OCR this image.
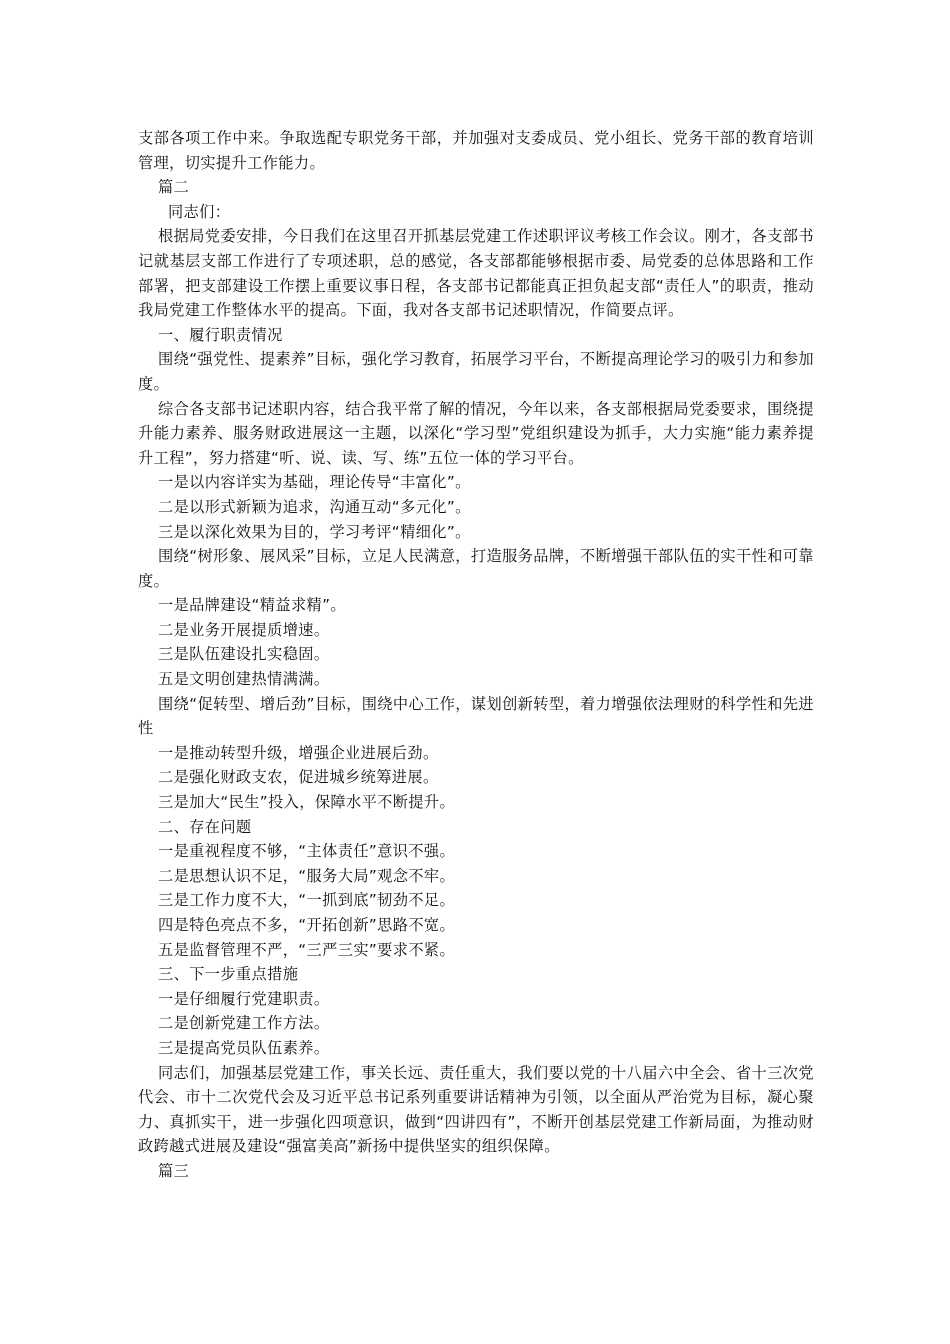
支部各项工作中来。争取选配专职党务干部，并加强对支委成员、党小组长、党务干部的教育培训管理，切实提升工作能力。

篇二

同志们：

根据局党委安排，今日我们在这里召开抓基层党建工作述职评议考核工作会议。刚才，各支部书记就基层支部工作进行了专项述职，总的感觉，各支部都能够根据市委、局党委的总体思路和工作部署，把支部建设工作摆上重要议事日程，各支部书记都能真正担负起支部“责任人”的职责，推动我局党建工作整体水平的提高。下面，我对各支部书记述职情况，作简要点评。

一、履行职责情况

围绕“强党性、提素养”目标，强化学习教育，拓展学习平台，不断提高理论学习的吸引力和参加度。

综合各支部书记述职内容，结合我平常了解的情况，今年以来，各支部根据局党委要求，围绕提升能力素养、服务财政进展这一主题，以深化“学习型”党组织建设为抓手，大力实施“能力素养提升工程”，努力搭建“听、说、读、写、练”五位一体的学习平台。

一是以内容详实为基础，理论传导“丰富化”。

二是以形式新颖为追求，沟通互动“多元化”。

三是以深化效果为目的，学习考评“精细化”。

围绕“树形象、展风采”目标，立足人民满意，打造服务品牌，不断增强干部队伍的实干性和可靠度。

一是品牌建设“精益求精”。

二是业务开展提质增速。

三是队伍建设扎实稳固。

五是文明创建热情满满。

围绕“促转型、增后劲”目标，围绕中心工作，谋划创新转型，着力增强依法理财的科学性和先进性

一是推动转型升级，增强企业进展后劲。

二是强化财政支农，促进城乡统筹进展。

三是加大“民生”投入，保障水平不断提升。

二、存在问题

一是重视程度不够，“主体责任”意识不强。

二是思想认识不足，“服务大局”观念不牢。

三是工作力度不大，“一抓到底”韧劲不足。

四是特色亮点不多，“开拓创新”思路不宽。

五是监督管理不严，“三严三实”要求不紧。

三、下一步重点措施

一是仔细履行党建职责。

二是创新党建工作方法。

三是提高党员队伍素养。

同志们，加强基层党建工作，事关长远、责任重大，我们要以党的十八届六中全会、省十三次党代会、市十二次党代会及习近平总书记系列重要讲话精神为引领，以全面从严治党为目标，凝心聚力、真抓实干，进一步强化四项意识，做到“四讲四有”，不断开创基层党建工作新局面，为推动财政跨越式进展及建设“强富美高”新扬中提供坚实的组织保障。

篇三
